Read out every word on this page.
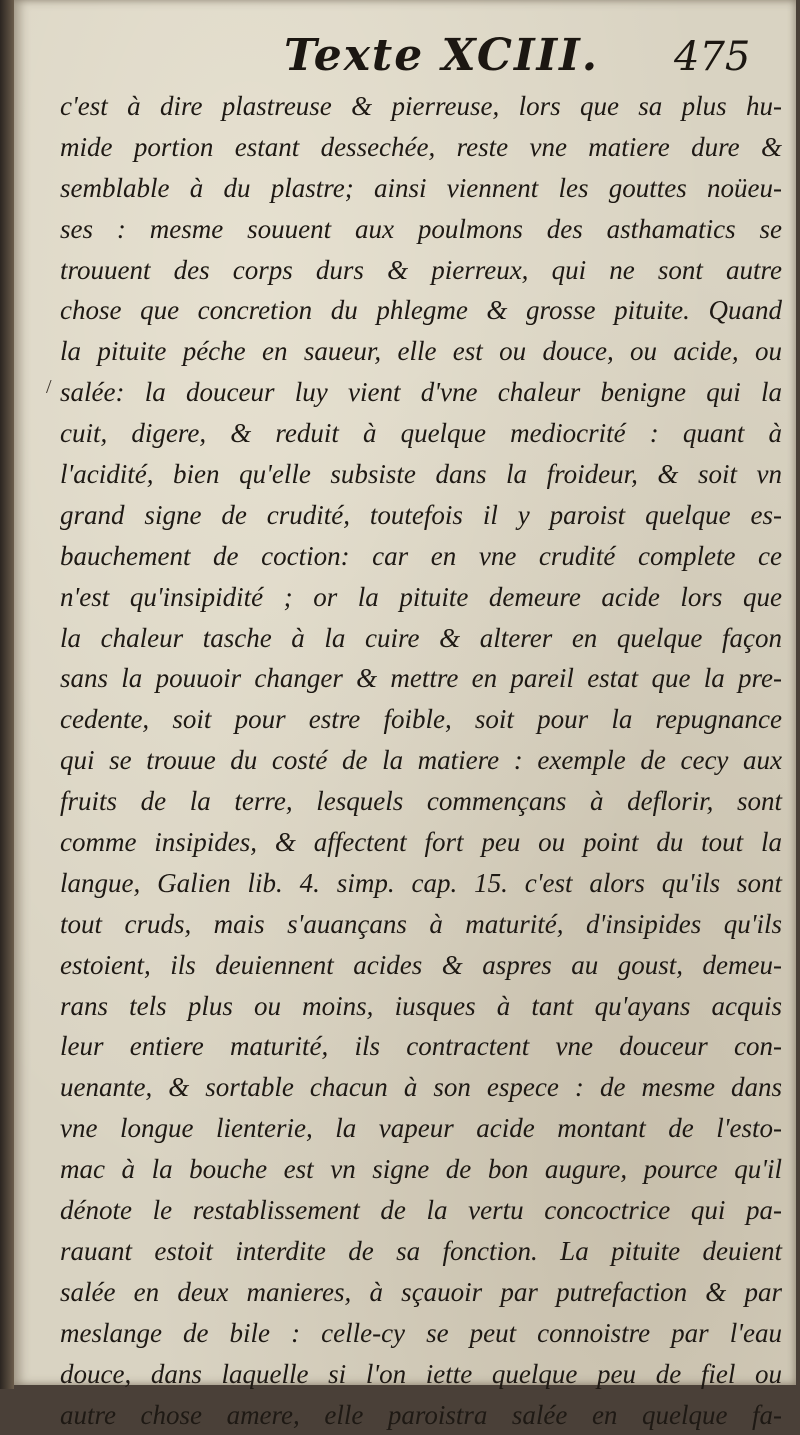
Texte XCIII. 475
/
c'est à dire plastreuse & pierreuse, lors que sa plus hu-
mide portion estant dessechée, reste vne matiere dure &
semblable à du plastre; ainsi viennent les gouttes noüeu-
ses : mesme souuent aux poulmons des asthamatics se
trouuent des corps durs & pierreux, qui ne sont autre
chose que concretion du phlegme & grosse pituite. Quand
la pituite péche en saueur, elle est ou douce, ou acide, ou
salée: la douceur luy vient d'vne chaleur benigne qui la
cuit, digere, & reduit à quelque mediocrité : quant à
l'acidité, bien qu'elle subsiste dans la froideur, & soit vn
grand signe de crudité, toutefois il y paroist quelque es-
bauchement de coction: car en vne crudité complete ce
n'est qu'insipidité ; or la pituite demeure acide lors que
la chaleur tasche à la cuire & alterer en quelque façon
sans la pouuoir changer & mettre en pareil estat que la pre-
cedente, soit pour estre foible, soit pour la repugnance
qui se trouue du costé de la matiere : exemple de cecy aux
fruits de la terre, lesquels commençans à deflorir, sont
comme insipides, & affectent fort peu ou point du tout la
langue, Galien lib. 4. simp. cap. 15. c'est alors qu'ils sont
tout cruds, mais s'auançans à maturité, d'insipides qu'ils
estoient, ils deuiennent acides & aspres au goust, demeu-
rans tels plus ou moins, iusques à tant qu'ayans acquis
leur entiere maturité, ils contractent vne douceur con-
uenante, & sortable chacun à son espece : de mesme dans
vne longue lienterie, la vapeur acide montant de l'esto-
mac à la bouche est vn signe de bon augure, pource qu'il
dénote le restablissement de la vertu concoctrice qui pa-
rauant estoit interdite de sa fonction. La pituite deuient
salée en deux manieres, à sçauoir par putrefaction & par
meslange de bile : celle-cy se peut connoistre par l'eau
douce, dans laquelle si l'on iette quelque peu de fiel ou
autre chose amere, elle paroistra salée en quelque fa-
